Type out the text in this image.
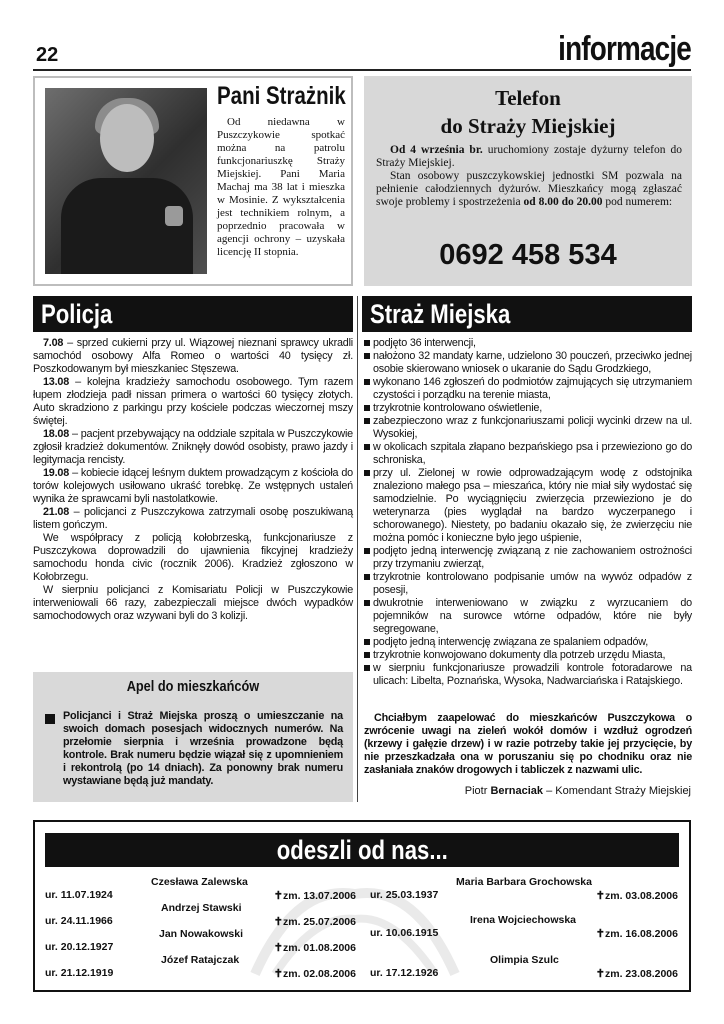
22	informacje
Pani Strażnik
Od niedawna w Puszczykowie spotkać można na patrolu funkcjonariuszkę Straży Miejskiej. Pani Maria Machaj ma 38 lat i mieszka w Mosinie. Z wykształcenia jest technikiem rolnym, a poprzednio pracowała w agencji ochrony – uzyskała licencję II stopnia.
Telefon
do Straży Miejskiej

Od 4 września br. uruchomiony zostaje dyżurny telefon do Straży Miejskiej.

Stan osobowy puszczykowskiej jednostki SM pozwala na pełnienie całodziennych dyżurów. Mieszkańcy mogą zgłaszać swoje problemy i spostrzeżenia od 8.00 do 20.00 pod numerem:

0692 458 534
Policja	Straż Miejska

7.08 – sprzed cukierni przy ul. Wiązowej nieznani sprawcy ukradli samochód osobowy Alfa Romeo o wartości 40 tysięcy zł. Poszkodowanym był mieszkaniec Stęszewa.

13.08 – kolejna kradzieży samochodu osobowego. Tym razem łupem złodzieja padł nissan primera o wartości 60 tysięcy złotych. Auto skradziono z parkingu przy kościele podczas wieczornej mszy świętej.

18.08 – pacjent przebywający na oddziale szpitala w Puszczykowie zgłosił kradzież dokumentów. Zniknęły dowód osobisty, prawo jazdy i legitymacja rencisty.

19.08 – kobiecie idącej leśnym duktem prowadzącym z kościoła do torów kolejowych usiłowano ukraść torebkę. Ze wstępnych ustaleń wynika że sprawcami byli nastolatkowie.

21.08 – policjanci z Puszczykowa zatrzymali osobę poszukiwaną listem gończym.

We współpracy z policją kołobrzeską, funkcjonariusze z Puszczykowa doprowadzili do ujawnienia fikcyjnej kradzieży samochodu honda civic (rocznik 2006). Kradzież zgłoszono w Kołobrzegu.

W sierpniu policjanci z Komisariatu Policji w Puszczykowie interweniowali 66 razy, zabezpieczali miejsce dwóch wypadków samochodowych oraz wzywani byli do 3 kolizji.

Apel do mieszkańców
Policjanci i Straż Miejska proszą o umieszczanie na swoich domach posesjach widocznych numerów. Na przełomie sierpnia i września prowadzone będą kontrole. Brak numeru będzie wiązał się z upomnieniem i rekontrolą (po 14 dniach). Za ponowny brak numeru wystawiane będą już mandaty.
podjęto 36 interwencji,
nałożono 32 mandaty karne, udzielono 30 pouczeń, przeciwko jednej osobie skierowano wniosek o ukaranie do Sądu Grodzkiego,
wykonano 146 zgłoszeń do podmiotów zajmujących się utrzymaniem czystości i porządku na terenie miasta,
trzykrotnie kontrolowano oświetlenie,
zabezpieczono wraz z funkcjonariuszami policji wycinki drzew na ul. Wysokiej,
w okolicach szpitala złapano bezpańskiego psa i przewieziono go do schroniska,
przy ul. Zielonej w rowie odprowadzającym wodę z odstojnika znaleziono małego psa – mieszańca, który nie miał siły wydostać się samodzielnie. Po wyciągnięciu zwierzęcia przewieziono je do weterynarza (pies wyglądał na bardzo wyczerpanego i schorowanego). Niestety, po badaniu okazało się, że zwierzęciu nie można pomóc i konieczne było jego uśpienie,
podjęto jedną interwencję związaną z nie zachowaniem ostrożności przy trzymaniu zwierząt,
trzykrotnie kontrolowano podpisanie umów na wywóz odpadów z posesji,
dwukrotnie interweniowano w związku z wyrzucaniem do pojemników na surowce wtórne odpadów, które nie były segregowane,
podjęto jedną interwencję związana ze spalaniem odpadów,
trzykrotnie konwojowano dokumenty dla potrzeb urzędu Miasta,
w sierpniu funkcjonariusze prowadzili kontrole fotoradarowe na ulicach: Libelta, Poznańska, Wysoka, Nadwarciańska i Ratajskiego.
Chciałbym zaapelować do mieszkańców Puszczykowa o zwrócenie uwagi na zieleń wokół domów i wzdłuż ogrodzeń (krzewy i gałęzie drzew) i w razie potrzeby takie jej przycięcie, by nie przeszkadzała ona w poruszaniu się po chodniku oraz nie zasłaniała znaków drogowych i tabliczek z nazwami ulic.
Piotr Bernaciak – Komendant Straży Miejskiej
odeszli od nas...
Czesława Zalewska
ur. 11.07.1924	✝zm. 13.07.2006
Andrzej Stawski
ur. 24.11.1966	✝zm. 25.07.2006
Jan Nowakowski
ur. 20.12.1927	✝zm. 01.08.2006
Józef Ratajczak
ur. 21.12.1919	✝zm. 02.08.2006
Maria Barbara Grochowska
ur. 25.03.1937	✝zm. 03.08.2006
Irena Wojciechowska
ur. 10.06.1915	✝zm. 16.08.2006
Olimpia Szulc
ur. 17.12.1926	✝zm. 23.08.2006
